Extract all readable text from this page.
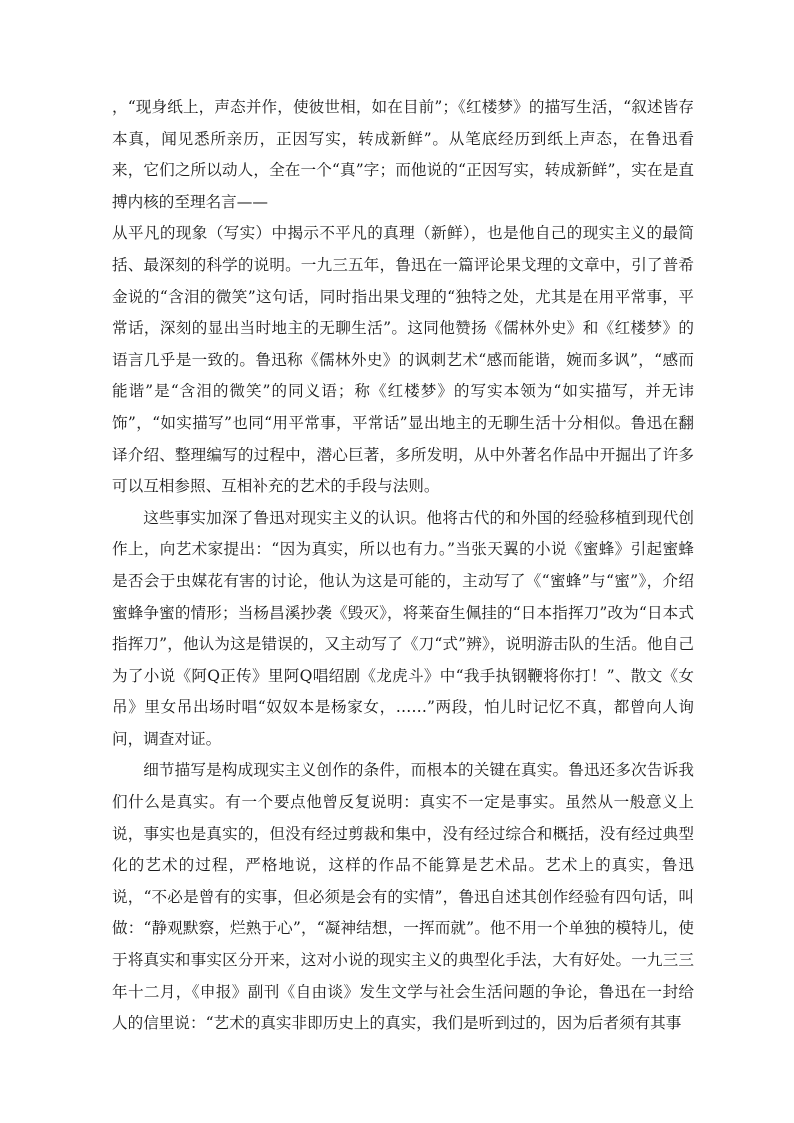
，“现身纸上，声态并作，使彼世相，如在目前”；《红楼梦》的描写生活，“叙述皆存本真，闻见悉所亲历，正因写实，转成新鲜”。从笔底经历到纸上声态，在鲁迅看来，它们之所以动人，全在一个“真”字；而他说的“正因写实，转成新鲜”，实在是直搏内核的至理名言——

从平凡的现象（写实）中揭示不平凡的真理（新鲜），也是他自己的现实主义的最简括、最深刻的科学的说明。一九三五年，鲁迅在一篇评论果戈理的文章中，引了普希金说的“含泪的微笑”这句话，同时指出果戈理的“独特之处，尤其是在用平常事，平常话，深刻的显出当时地主的无聊生活”。这同他赞扬《儒林外史》和《红楼梦》的语言几乎是一致的。鲁迅称《儒林外史》的讽刺艺术“感而能谐，婉而多讽”，“感而能谐”是“含泪的微笑”的同义语；称《红楼梦》的写实本领为“如实描写，并无讳饰”，“如实描写”也同“用平常事，平常话”显出地主的无聊生活十分相似。鲁迅在翻译介绍、整理编写的过程中，潜心巨著，多所发明，从中外著名作品中开掘出了许多可以互相参照、互相补充的艺术的手段与法则。

这些事实加深了鲁迅对现实主义的认识。他将古代的和外国的经验移植到现代创作上，向艺术家提出：“因为真实，所以也有力。”当张天翼的小说《蜜蜂》引起蜜蜂是否会于虫媒花有害的讨论，他认为这是可能的，主动写了《“蜜蜂”与“蜜”》，介绍蜜蜂争蜜的情形；当杨昌溪抄袭《毁灭》，将莱奋生佩挂的“日本指挥刀”改为“日本式指挥刀”，他认为这是错误的，又主动写了《刀“式”辨》，说明游击队的生活。他自己为了小说《阿Q正传》里阿Q唱绍剧《龙虎斗》中“我手执钢鞭将你打！”、散文《女吊》里女吊出场时唱“奴奴本是杨家女，……”两段，怕儿时记忆不真，都曾向人询问，调查对证。

细节描写是构成现实主义创作的条件，而根本的关键在真实。鲁迅还多次告诉我们什么是真实。有一个要点他曾反复说明：真实不一定是事实。虽然从一般意义上说，事实也是真实的，但没有经过剪裁和集中，没有经过综合和概括，没有经过典型化的艺术的过程，严格地说，这样的作品不能算是艺术品。艺术上的真实，鲁迅说，“不必是曾有的实事，但必须是会有的实情”，鲁迅自述其创作经验有四句话，叫做：“静观默察，烂熟于心”，“凝神结想，一挥而就”。他不用一个单独的模特儿，使于将真实和事实区分开来，这对小说的现实主义的典型化手法，大有好处。一九三三年十二月，《申报》副刊《自由谈》发生文学与社会生活问题的争论，鲁迅在一封给人的信里说：“艺术的真实非即历史上的真实，我们是听到过的，因为后者须有其事
